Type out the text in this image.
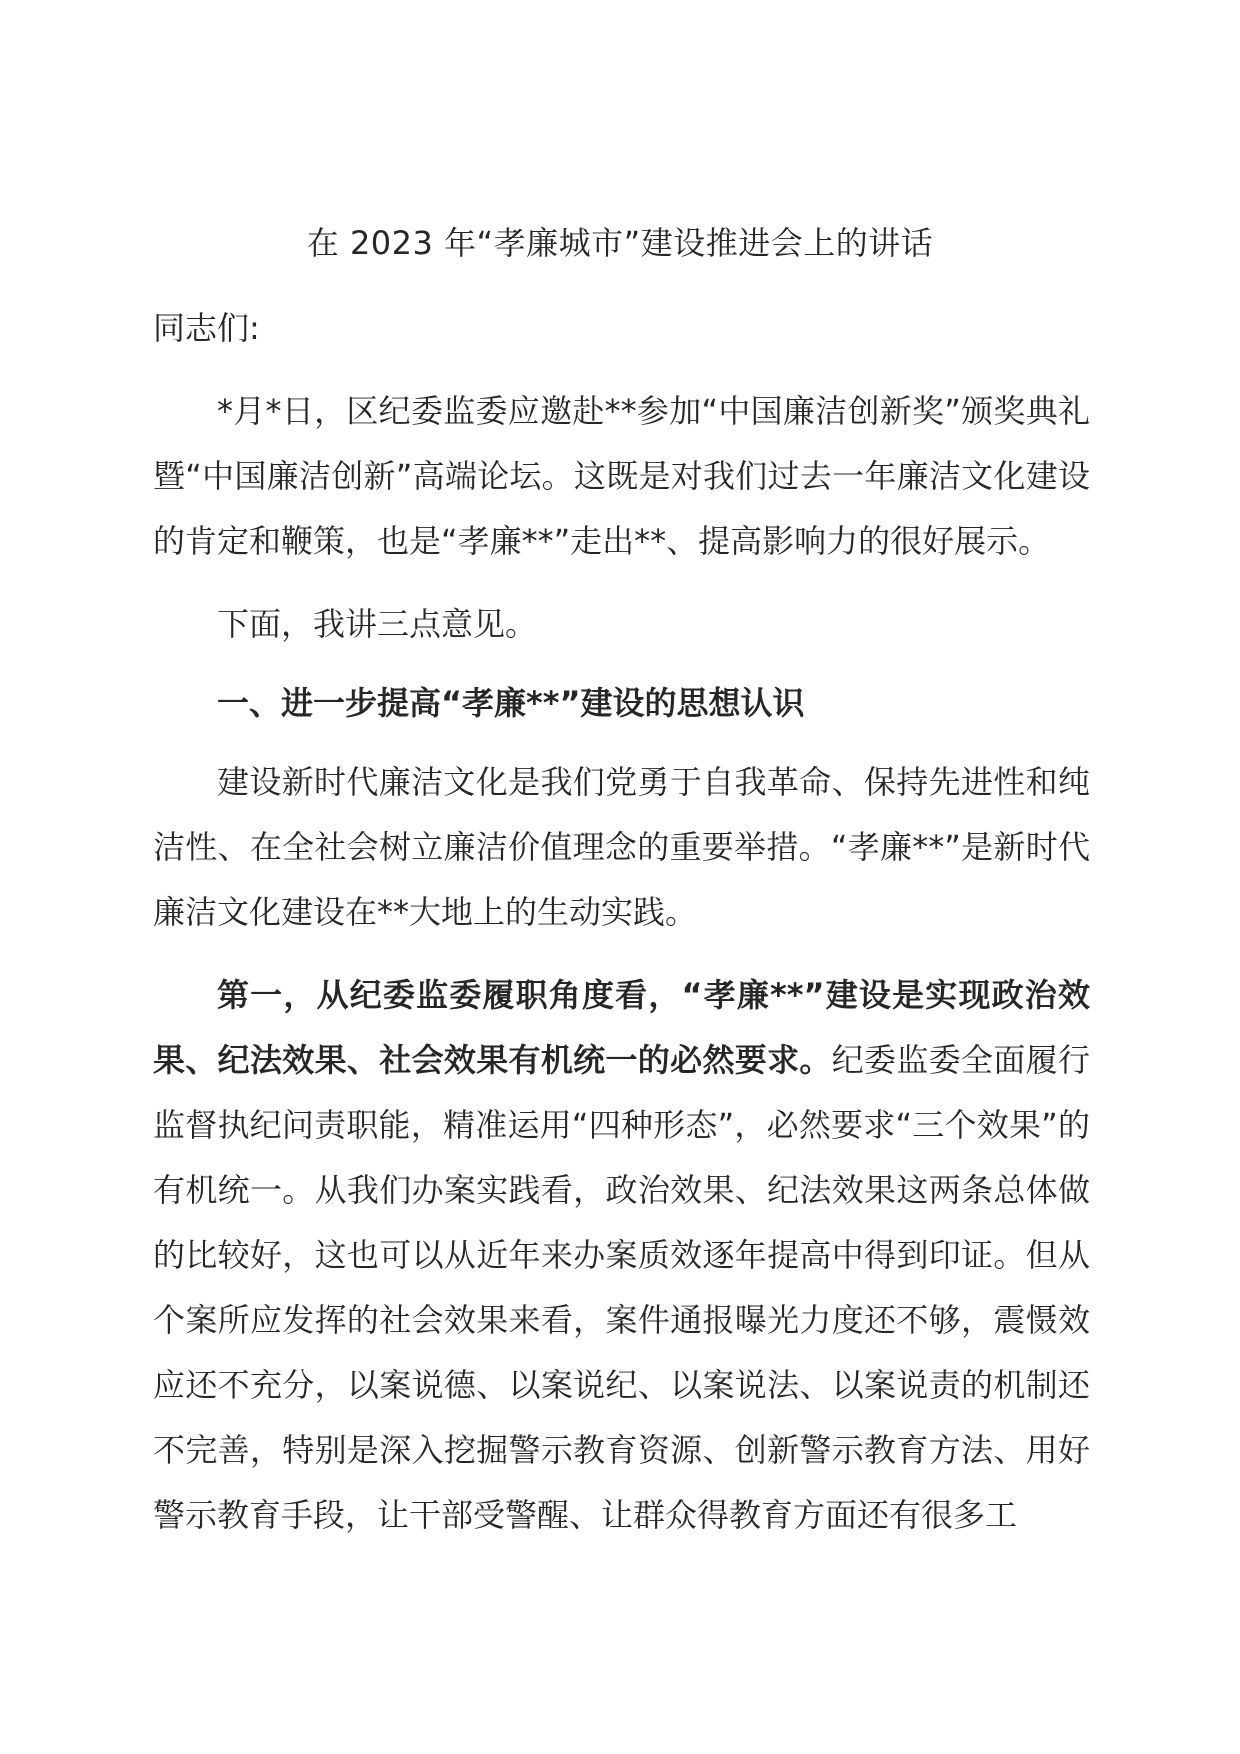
在 2023 年“孝廉城市”建设推进会上的讲话

同志们:

*月*日，区纪委监委应邀赴**参加“中国廉洁创新奖”颁奖典礼暨“中国廉洁创新”高端论坛。这既是对我们过去一年廉洁文化建设的肯定和鞭策，也是“孝廉**”走出**、提高影响力的很好展示。

下面，我讲三点意见。

一、进一步提高“孝廉**”建设的思想认识

建设新时代廉洁文化是我们党勇于自我革命、保持先进性和纯洁性、在全社会树立廉洁价值理念的重要举措。“孝廉**”是新时代廉洁文化建设在**大地上的生动实践。

第一，从纪委监委履职角度看，“孝廉**”建设是实现政治效果、纪法效果、社会效果有机统一的必然要求。纪委监委全面履行监督执纪问责职能，精准运用“四种形态”，必然要求“三个效果”的有机统一。从我们办案实践看，政治效果、纪法效果这两条总体做的比较好，这也可以从近年来办案质效逐年提高中得到印证。但从个案所应发挥的社会效果来看，案件通报曝光力度还不够，震慑效应还不充分，以案说德、以案说纪、以案说法、以案说责的机制还不完善，特别是深入挖掘警示教育资源、创新警示教育方法、用好警示教育手段，让干部受警醒、让群众得教育方面还有很多工
